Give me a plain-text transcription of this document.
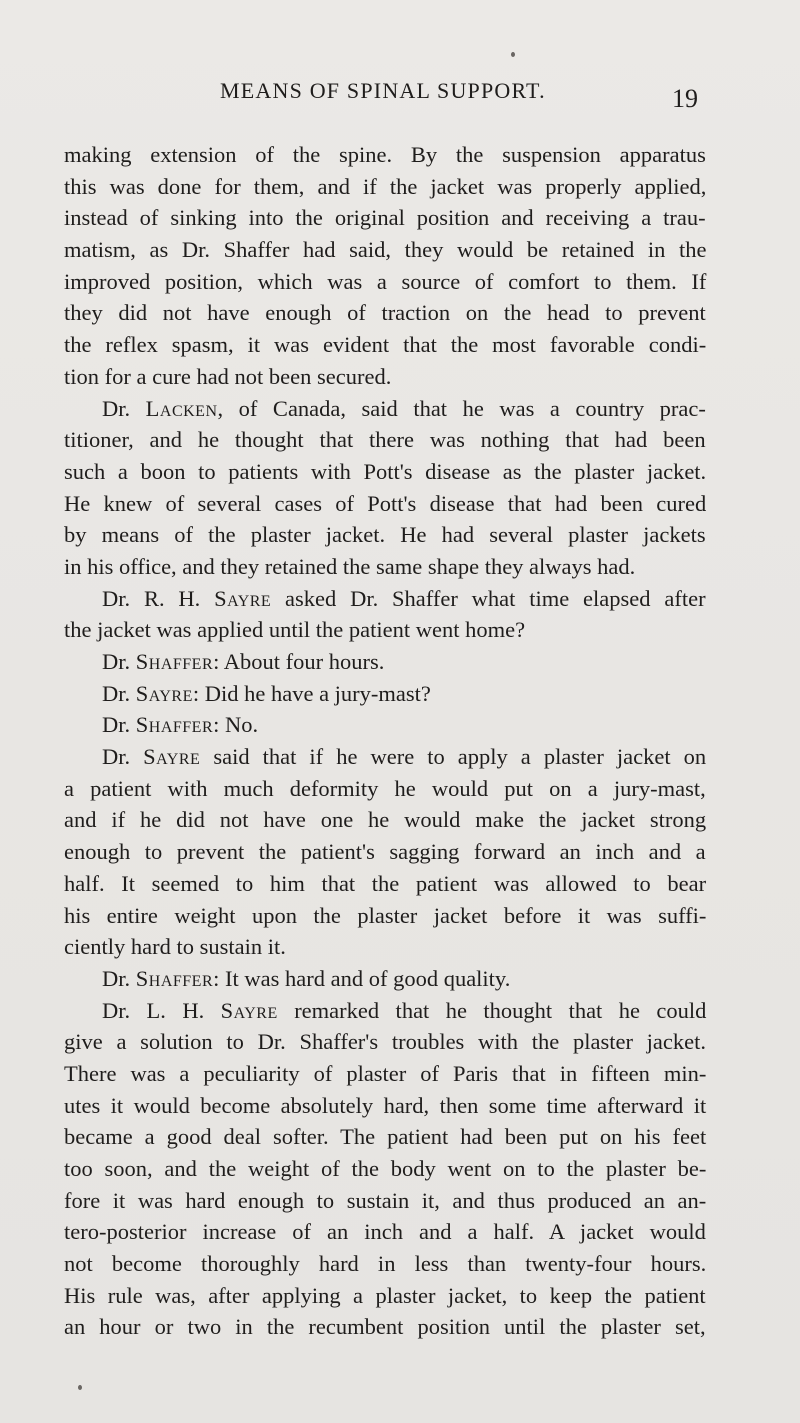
MEANS OF SPINAL SUPPORT.	19
making extension of the spine. By the suspension apparatus
this was done for them, and if the jacket was properly applied,
instead of sinking into the original position and receiving a trau-
matism, as Dr. Shaffer had said, they would be retained in the
improved position, which was a source of comfort to them. If
they did not have enough of traction on the head to prevent
the reflex spasm, it was evident that the most favorable condi-
tion for a cure had not been secured.
Dr. Lacken, of Canada, said that he was a country prac-
titioner, and he thought that there was nothing that had been
such a boon to patients with Pott's disease as the plaster jacket.
He knew of several cases of Pott's disease that had been cured
by means of the plaster jacket. He had several plaster jackets
in his office, and they retained the same shape they always had.
Dr. R. H. Sayre asked Dr. Shaffer what time elapsed after
the jacket was applied until the patient went home?
Dr. Shaffer: About four hours.
Dr. Sayre: Did he have a jury-mast?
Dr. Shaffer: No.
Dr. Sayre said that if he were to apply a plaster jacket on
a patient with much deformity he would put on a jury-mast,
and if he did not have one he would make the jacket strong
enough to prevent the patient's sagging forward an inch and a
half. It seemed to him that the patient was allowed to bear
his entire weight upon the plaster jacket before it was suffi-
ciently hard to sustain it.
Dr. Shaffer: It was hard and of good quality.
Dr. L. H. Sayre remarked that he thought that he could
give a solution to Dr. Shaffer's troubles with the plaster jacket.
There was a peculiarity of plaster of Paris that in fifteen min-
utes it would become absolutely hard, then some time afterward it
became a good deal softer. The patient had been put on his feet
too soon, and the weight of the body went on to the plaster be-
fore it was hard enough to sustain it, and thus produced an an-
tero-posterior increase of an inch and a half. A jacket would
not become thoroughly hard in less than twenty-four hours.
His rule was, after applying a plaster jacket, to keep the patient
an hour or two in the recumbent position until the plaster set,
